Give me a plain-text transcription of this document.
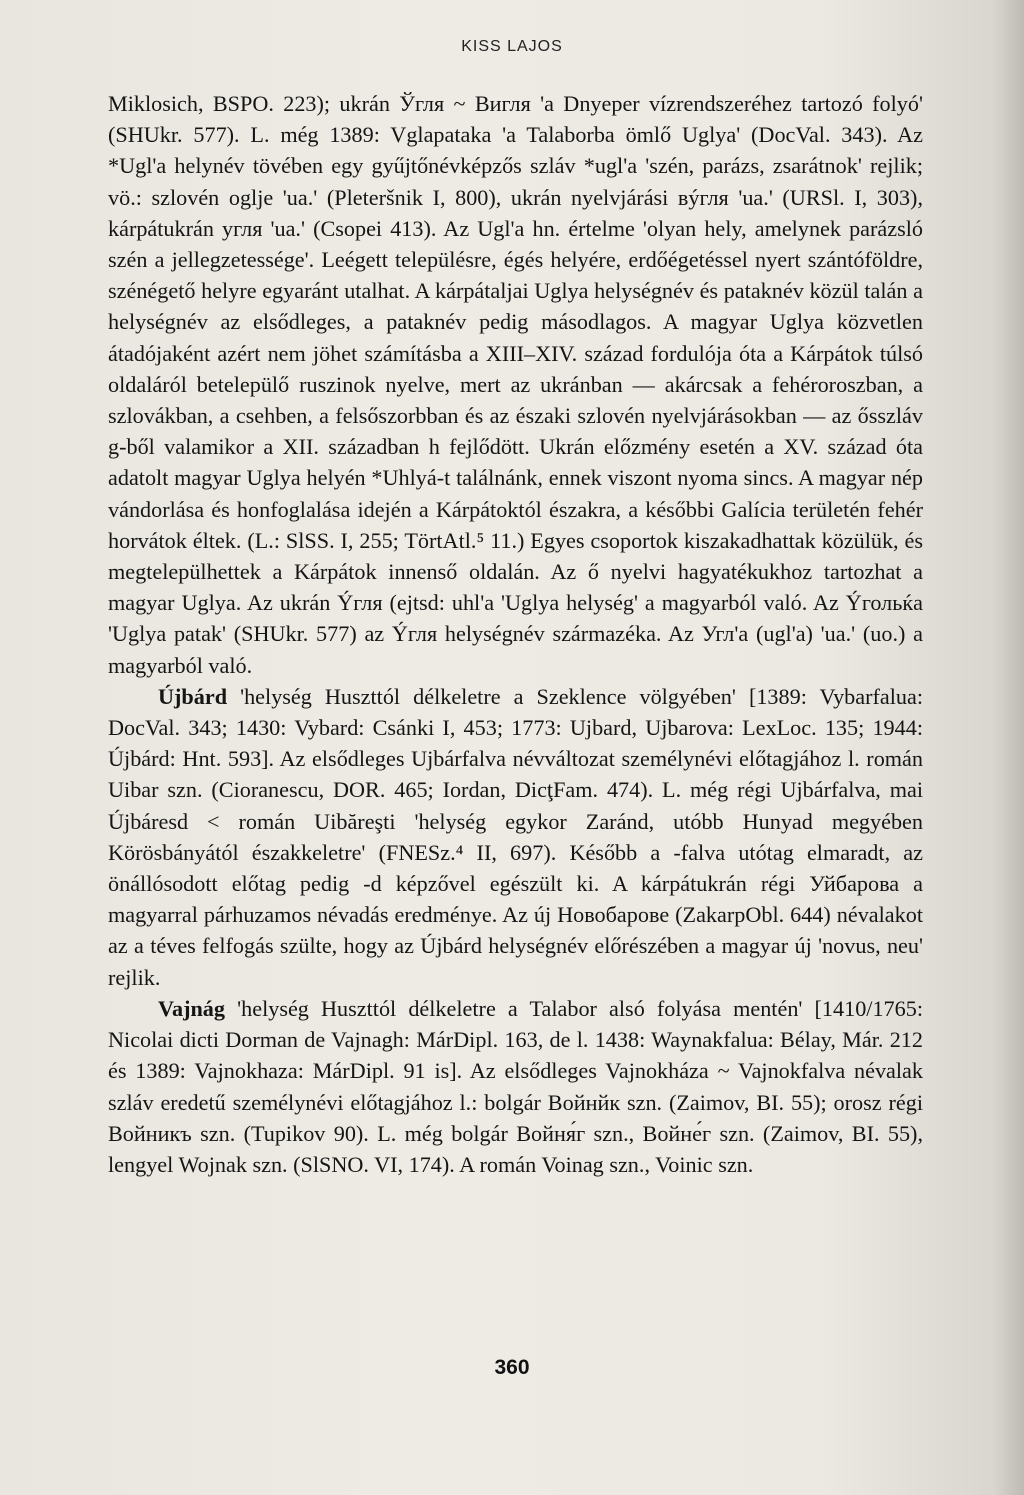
KISS LAJOS

Miklosich, BSPO. 223); ukrán Ўгля ~ Вигля 'a Dnyeper vízrendszeréhez tartozó folyó' (SHUkr. 577). L. még 1389: Vglapataka 'a Talaborba ömlő Uglya' (DocVal. 343). Az *Ugl'a helynév tövében egy gyűjtőnévképzős szláv *ugl'a 'szén, parázs, zsarátnok' rejlik; vö.: szlovén oglje 'ua.' (Pleteršnik I, 800), ukrán nyelvjárási вýгля 'ua.' (URSl. I, 303), kárpátukrán угля 'ua.' (Csopei 413). Az Ugl'a hn. értelme 'olyan hely, amelynek parázsló szén a jellegzetessége'. Leégett településre, égés helyére, erdőégetéssel nyert szántóföldre, szénégető helyre egyaránt utalhat. A kárpátaljai Uglya helységnév és pataknév közül talán a helységnév az elsődleges, a pataknév pedig másodlagos. A magyar Uglya közvetlen átadójaként azért nem jöhet számításba a XIII–XIV. század fordulója óta a Kárpátok túlsó oldaláról betelepülő ruszinok nyelve, mert az ukránban — akárcsak a fehéroroszban, a szlovákban, a csehben, a felsőszorbban és az északi szlovén nyelvjárásokban — az ősszláv g-ből valamikor a XII. században h fejlődött. Ukrán előzmény esetén a XV. század óta adatolt magyar Uglya helyén *Uhlyá-t találnánk, ennek viszont nyoma sincs. A magyar nép vándorlása és honfoglalása idején a Kárpátoktól északra, a későbbi Galícia területén fehér horvátok éltek. (L.: SlSS. I, 255; TörtAtl.⁵ 11.) Egyes csoportok kiszakadhattak közülük, és megtelepülhettek a Kárpátok innenső oldalán. Az ő nyelvi hagyatékukhoz tartozhat a magyar Uglya. Az ukrán Ýгля (ejtsd: uhl'a 'Uglya helység' a magyarból való. Az Ýгольќа 'Uglya patak' (SHUkr. 577) az Ýгля helységnév származéka. Az Угл'а (ugl'a) 'ua.' (uo.) a magyarból való.

Újbárd 'helység Huszttól délkeletre a Szeklence völgyében' [1389: Vybarfalua: DocVal. 343; 1430: Vybard: Csánki I, 453; 1773: Ujbard, Ujbarova: LexLoc. 135; 1944: Újbárd: Hnt. 593]. Az elsődleges Ujbárfalva névváltozat személynévi előtagjához l. román Uibar szn. (Cioranescu, DOR. 465; Iordan, DicţFam. 474). L. még régi Ujbárfalva, mai Újbáresd < román Uibăreşti 'helység egykor Zaránd, utóbb Hunyad megyében Körösbányától északkeletre' (FNESz.⁴ II, 697). Később a -falva utótag elmaradt, az önállósodott előtag pedig -d képzővel egészült ki. A kárpátukrán régi Уйбарова a magyarral párhuzamos névadás eredménye. Az új Новобарове (ZakarpObl. 644) névalakot az a téves felfogás szülte, hogy az Újbárd helységnév előrészében a magyar új 'novus, neu' rejlik.

Vajnág 'helység Huszttól délkeletre a Talabor alsó folyása mentén' [1410/1765: Nicolai dicti Dorman de Vajnagh: MárDipl. 163, de l. 1438: Waynakfalua: Bélay, Már. 212 és 1389: Vajnokhaza: MárDipl. 91 is]. Az elsődleges Vajnokháza ~ Vajnokfalva névalak szláv eredetű személynévi előtagjához l.: bolgár Войнйк szn. (Zaimov, BI. 55); orosz régi Войникъ szn. (Tupikov 90). L. még bolgár Войня́г szn., Войне́г szn. (Zaimov, BI. 55), lengyel Wojnak szn. (SlSNO. VI, 174). A román Voinag szn., Voinic szn.

360
